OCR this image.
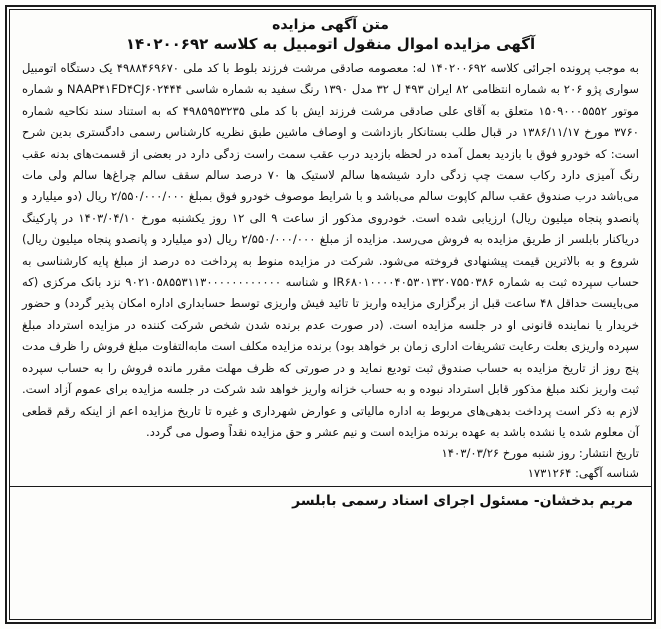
متن آگهی مزایده

آگهی مزایده اموال منقول اتومبیل به کلاسه ۱۴۰۲۰۰۶۹۲

به موجب پرونده اجرائی کلاسه ۱۴۰۲۰۰۶۹۲ له: معصومه صادقی مرشت فرزند بلوط با کد ملی ۴۹۸۸۴۶۹۶۷۰ یک دستگاه اتومبیل سواری پژو ۲۰۶ به شماره انتظامی ۸۲ ایران ۴۹۳ ل ۳۲ مدل ۱۳۹۰ رنگ سفید به شماره شاسی NAAP۴۱FD۴CJ۶۰۲۴۴۴ و شماره موتور ۱۵۰۹۰۰۰۵۵۵۲ متعلق به آقای علی صادقی مرشت فرزند ایش با کد ملی ۴۹۸۵۹۵۳۲۳۵ که به استناد سند نکاحیه شماره ۳۷۶۰ مورخ ۱۳۸۶/۱۱/۱۷ در قبال طلب بستانکار بازداشت و اوصاف ماشین طبق نظریه کارشناس رسمی دادگستری بدین شرح است: که خودرو فوق با بازدید بعمل آمده در لحظه بازدید درب عقب سمت راست زدگی دارد در بعضی از قسمت‌های بدنه عقب رنگ آمیزی دارد رکاب سمت چپ زدگی دارد شیشه‌ها سالم لاستیک ها ۷۰ درصد سالم سقف سالم چراغ‌ها سالم ولی مات می‌باشد درب صندوق عقب سالم کاپوت سالم می‌باشد و با شرایط موصوف خودرو فوق بمبلغ ۲/۵۵۰/۰۰۰/۰۰۰ ریال (دو میلیارد و پانصدو پنجاه میلیون ریال) ارزیابی شده است. خودروی مذکور از ساعت ۹ الی ۱۲ روز یکشنبه مورخ ۱۴۰۳/۰۴/۱۰ در پارکینگ دریاکنار بابلسر از طریق مزایده به فروش می‌رسد. مزایده از مبلغ ۲/۵۵۰/۰۰۰/۰۰۰ ریال (دو میلیارد و پانصدو پنجاه میلیون ریال) شروع و به بالاترین قیمت پیشنهادی فروخته می‌شود. شرکت در مزایده منوط به پرداخت ده درصد از مبلغ پایه کارشناسی به حساب سپرده ثبت به شماره IR۶۸۰۱۰۰۰۰۴۰۵۳۰۱۳۲۰۷۵۵۰۳۸۶ و شناسه ۹۰۲۱۰۵۸۵۵۳۱۱۳۰۰۰۰۰۰۰۰۰۰۰۰ نزد بانک مرکزی (که می‌بایست حداقل ۴۸ ساعت قبل از برگزاری مزایده واریز تا تائید فیش واریزی توسط حسابداری اداره امکان پذیر گردد) و حضور خریدار یا نماینده قانونی او در جلسه مزایده است. (در صورت عدم برنده شدن شخص شرکت کننده در مزایده استرداد مبلغ سپرده واریزی بعلت رعایت تشریفات اداری زمان بر خواهد بود) برنده مزایده مکلف است مابه‌التفاوت مبلغ فروش را ظرف مدت پنج روز از تاریخ مزایده به حساب صندوق ثبت تودیع نماید و در صورتی که ظرف مهلت مقرر مانده فروش را به حساب سپرده ثبت واریز نکند مبلغ مذکور قابل استرداد نبوده و به حساب خزانه واریز خواهد شد شرکت در جلسه مزایده برای عموم آزاد است. لازم به ذکر است پرداخت بدهی‌های مربوط به اداره مالیاتی و عوارض شهرداری و غیره تا تاریخ مزایده اعم از اینکه رقم قطعی آن معلوم شده یا نشده باشد به عهده برنده مزایده است و نیم عشر و حق مزایده نقداً وصول می گردد.

تاریخ انتشار: روز شنبه مورخ ۱۴۰۳/۰۳/۲۶

شناسه آگهی: ۱۷۳۱۲۶۴

مریم بدخشان- مسئول اجرای اسناد رسمی بابلسر
